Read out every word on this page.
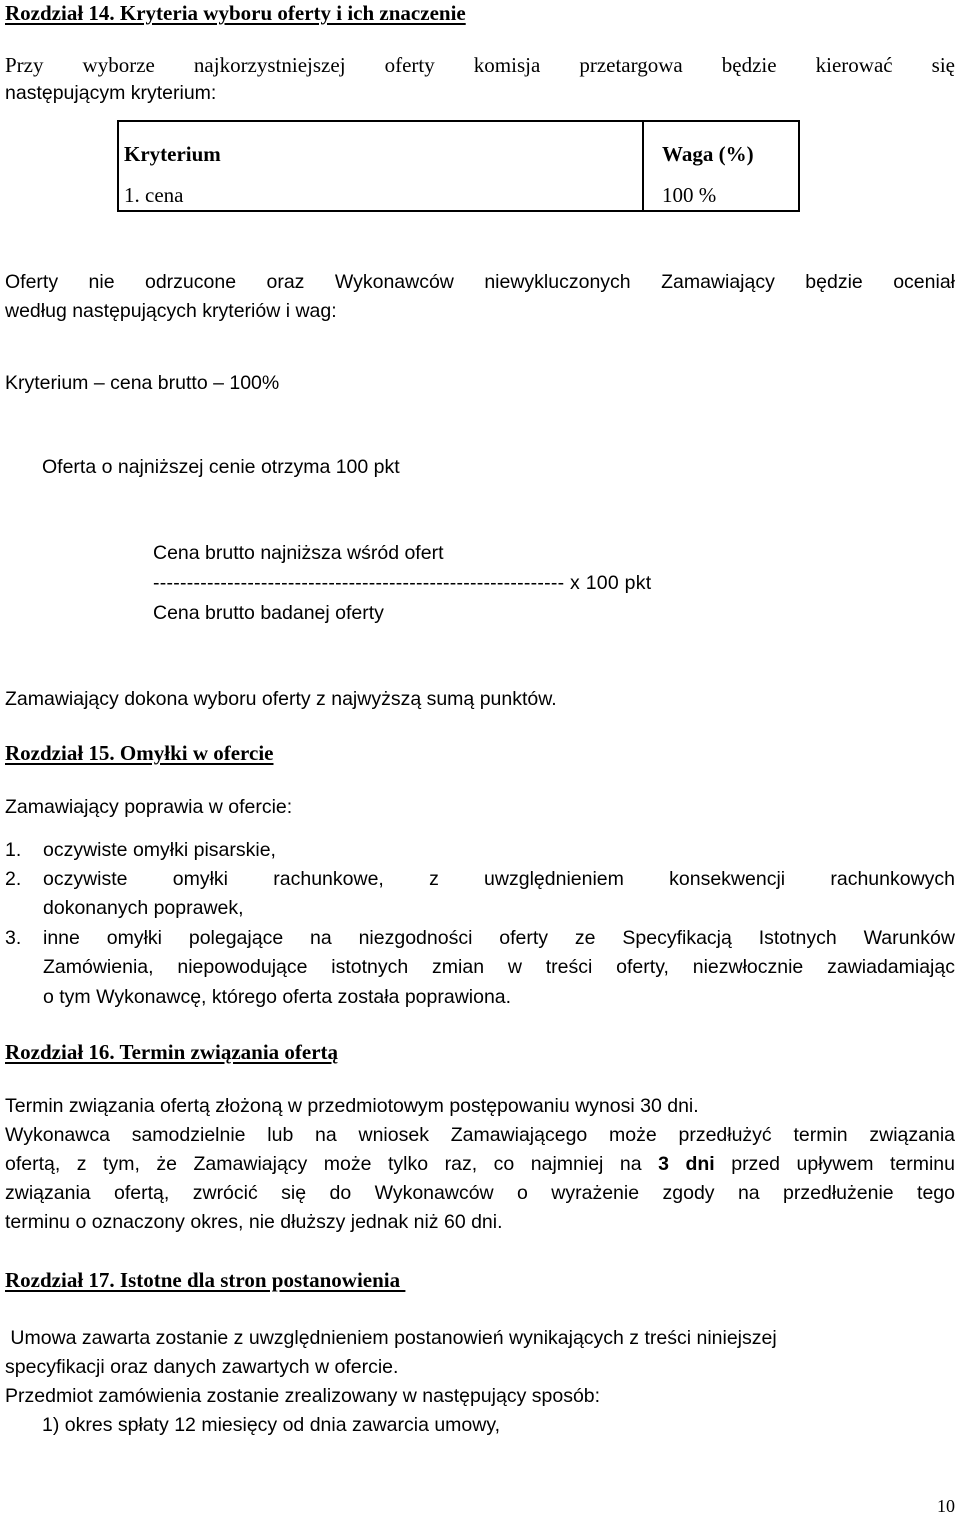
Rozdział 14. Kryteria wyboru oferty i ich znaczenie
Przy wyborze najkorzystniejszej oferty komisja przetargowa będzie kierować się
następującym kryterium:
Kryterium	Waga (%)
1. cena	100 %
Oferty nie odrzucone oraz Wykonawców niewykluczonych Zamawiający będzie oceniał
według następujących kryteriów i wag:
Kryterium – cena brutto – 100%
Oferta o najniższej cenie otrzyma 100 pkt
Cena brutto najniższa wśród ofert
------------------------------------------------------------- x 100 pkt
Cena brutto badanej oferty
Zamawiający dokona wyboru oferty z najwyższą sumą punktów.
Rozdział 15. Omyłki w ofercie
Zamawiający poprawia w ofercie:
1. oczywiste omyłki pisarskie,
2. oczywiste omyłki rachunkowe, z uwzględnieniem konsekwencji rachunkowych
dokonanych poprawek,
3. inne omyłki polegające na niezgodności oferty ze Specyfikacją Istotnych Warunków
Zamówienia, niepowodujące istotnych zmian w treści oferty, niezwłocznie zawiadamiając
o tym Wykonawcę, którego oferta została poprawiona.
Rozdział 16. Termin związania ofertą
Termin związania ofertą złożoną w przedmiotowym postępowaniu wynosi 30 dni.
Wykonawca samodzielnie lub na wniosek Zamawiającego może przedłużyć termin związania
ofertą, z tym, że Zamawiający może tylko raz, co najmniej na 3 dni przed upływem terminu
związania ofertą, zwrócić się do Wykonawców o wyrażenie zgody na przedłużenie tego
terminu o oznaczony okres, nie dłuższy jednak niż 60 dni.
Rozdział 17. Istotne dla stron postanowienia
Umowa zawarta zostanie z uwzględnieniem postanowień wynikających z treści niniejszej
specyfikacji oraz danych zawartych w ofercie.
Przedmiot zamówienia zostanie zrealizowany w następujący sposób:
1) okres spłaty 12 miesięcy od dnia zawarcia umowy,
10
